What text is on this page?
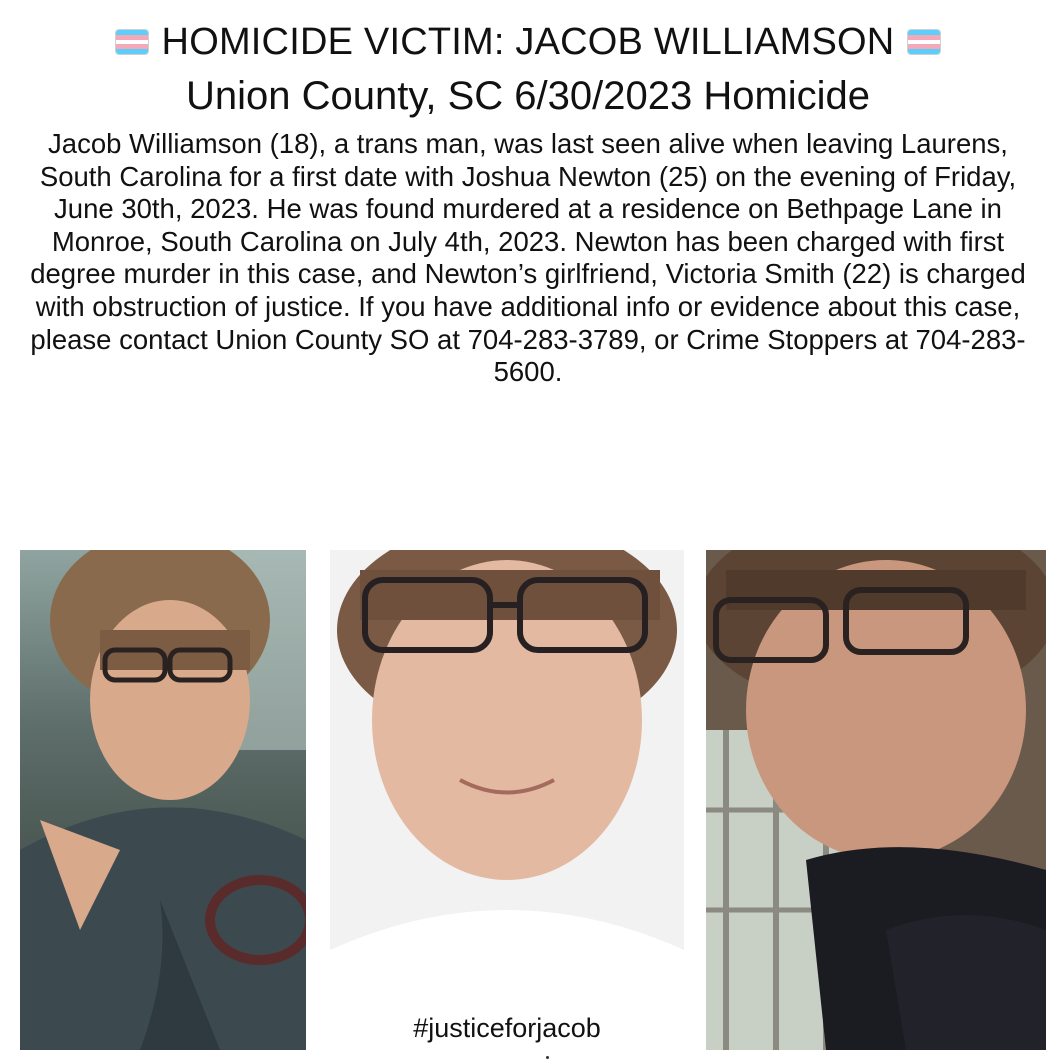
HOMICIDE VICTIM: JACOB WILLIAMSON
Union County, SC 6/30/2023 Homicide
Jacob Williamson (18), a trans man, was last seen alive when leaving Laurens, South Carolina for a first date with Joshua Newton (25) on the evening of Friday, June 30th, 2023. He was found murdered at a residence on Bethpage Lane in Monroe, South Carolina on July 4th, 2023. Newton has been charged with first degree murder in this case, and Newton’s girlfriend, Victoria Smith (22) is charged with obstruction of justice. If you have additional info or evidence about this case, please contact Union County SO at 704-283-3789, or Crime Stoppers at 704-283-5600.
#justiceforjacob
